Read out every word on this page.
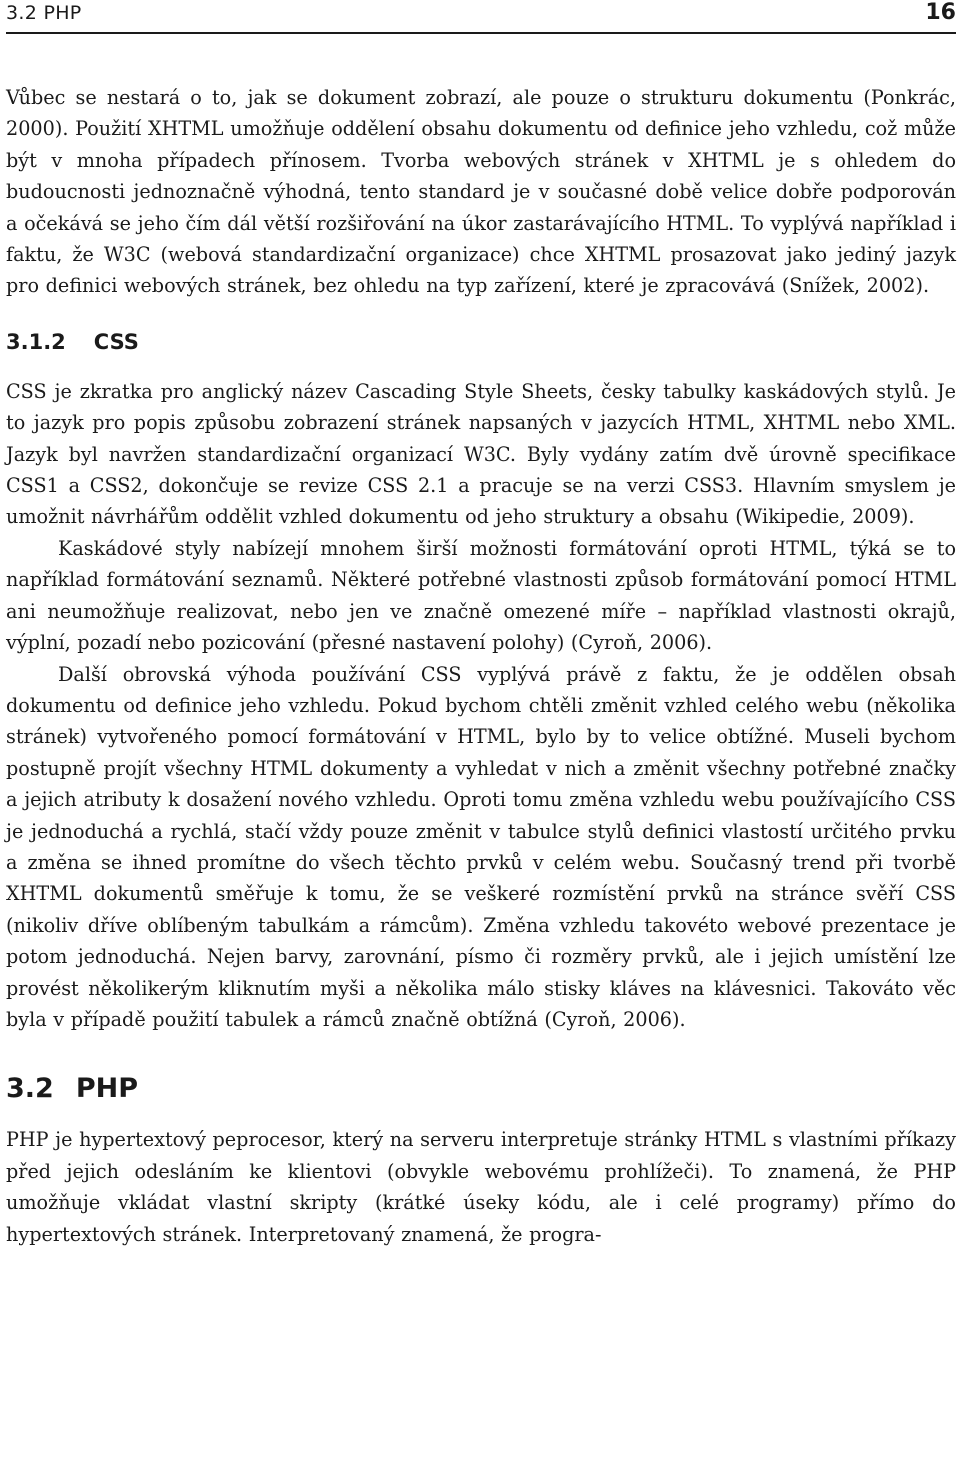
3.2 PHP	16

Vůbec se nestará o to, jak se dokument zobrazí, ale pouze o strukturu dokumentu (Ponkrác, 2000). Použití XHTML umožňuje oddělení obsahu dokumentu od definice jeho vzhledu, což může být v mnoha případech přínosem. Tvorba webových stránek v XHTML je s ohledem do budoucnosti jednoznačně výhodná, tento standard je v současné době velice dobře podporován a očekává se jeho čím dál větší rozšiřování na úkor zastarávajícího HTML. To vyplývá například i faktu, že W3C (webová standardizační organizace) chce XHTML prosazovat jako jediný jazyk pro definici webových stránek, bez ohledu na typ zařízení, které je zpracovává (Snížek, 2002).

3.1.2 CSS

CSS je zkratka pro anglický název Cascading Style Sheets, česky tabulky kaskádových stylů. Je to jazyk pro popis způsobu zobrazení stránek napsaných v jazycích HTML, XHTML nebo XML. Jazyk byl navržen standardizační organizací W3C. Byly vydány zatím dvě úrovně specifikace CSS1 a CSS2, dokončuje se revize CSS 2.1 a pracuje se na verzi CSS3. Hlavním smyslem je umožnit návrhářům oddělit vzhled dokumentu od jeho struktury a obsahu (Wikipedie, 2009).

Kaskádové styly nabízejí mnohem širší možnosti formátování oproti HTML, týká se to například formátování seznamů. Některé potřebné vlastnosti způsob formátování pomocí HTML ani neumožňuje realizovat, nebo jen ve značně omezené míře – například vlastnosti okrajů, výplní, pozadí nebo pozicování (přesné nastavení polohy) (Cyroň, 2006).

Další obrovská výhoda používání CSS vyplývá právě z faktu, že je oddělen obsah dokumentu od definice jeho vzhledu. Pokud bychom chtěli změnit vzhled celého webu (několika stránek) vytvořeného pomocí formátování v HTML, bylo by to velice obtížné. Museli bychom postupně projít všechny HTML dokumenty a vyhledat v nich a změnit všechny potřebné značky a jejich atributy k dosažení nového vzhledu. Oproti tomu změna vzhledu webu používajícího CSS je jednoduchá a rychlá, stačí vždy pouze změnit v tabulce stylů definici vlastostí určitého prvku a změna se ihned promítne do všech těchto prvků v celém webu. Současný trend při tvorbě XHTML dokumentů směřuje k tomu, že se veškeré rozmístění prvků na stránce svěří CSS (nikoliv dříve oblíbeným tabulkám a rámcům). Změna vzhledu takovéto webové prezentace je potom jednoduchá. Nejen barvy, zarovnání, písmo či rozměry prvků, ale i jejich umístění lze provést několikerým kliknutím myši a několika málo stisky kláves na klávesnici. Takováto věc byla v případě použití tabulek a rámců značně obtížná (Cyroň, 2006).

3.2 PHP

PHP je hypertextový peprocesor, který na serveru interpretuje stránky HTML s vlastními příkazy před jejich odesláním ke klientovi (obvykle webovému prohlížeči). To znamená, že PHP umožňuje vkládat vlastní skripty (krátké úseky kódu, ale i celé programy) přímo do hypertextových stránek. Interpretovaný znamená, že progra-
